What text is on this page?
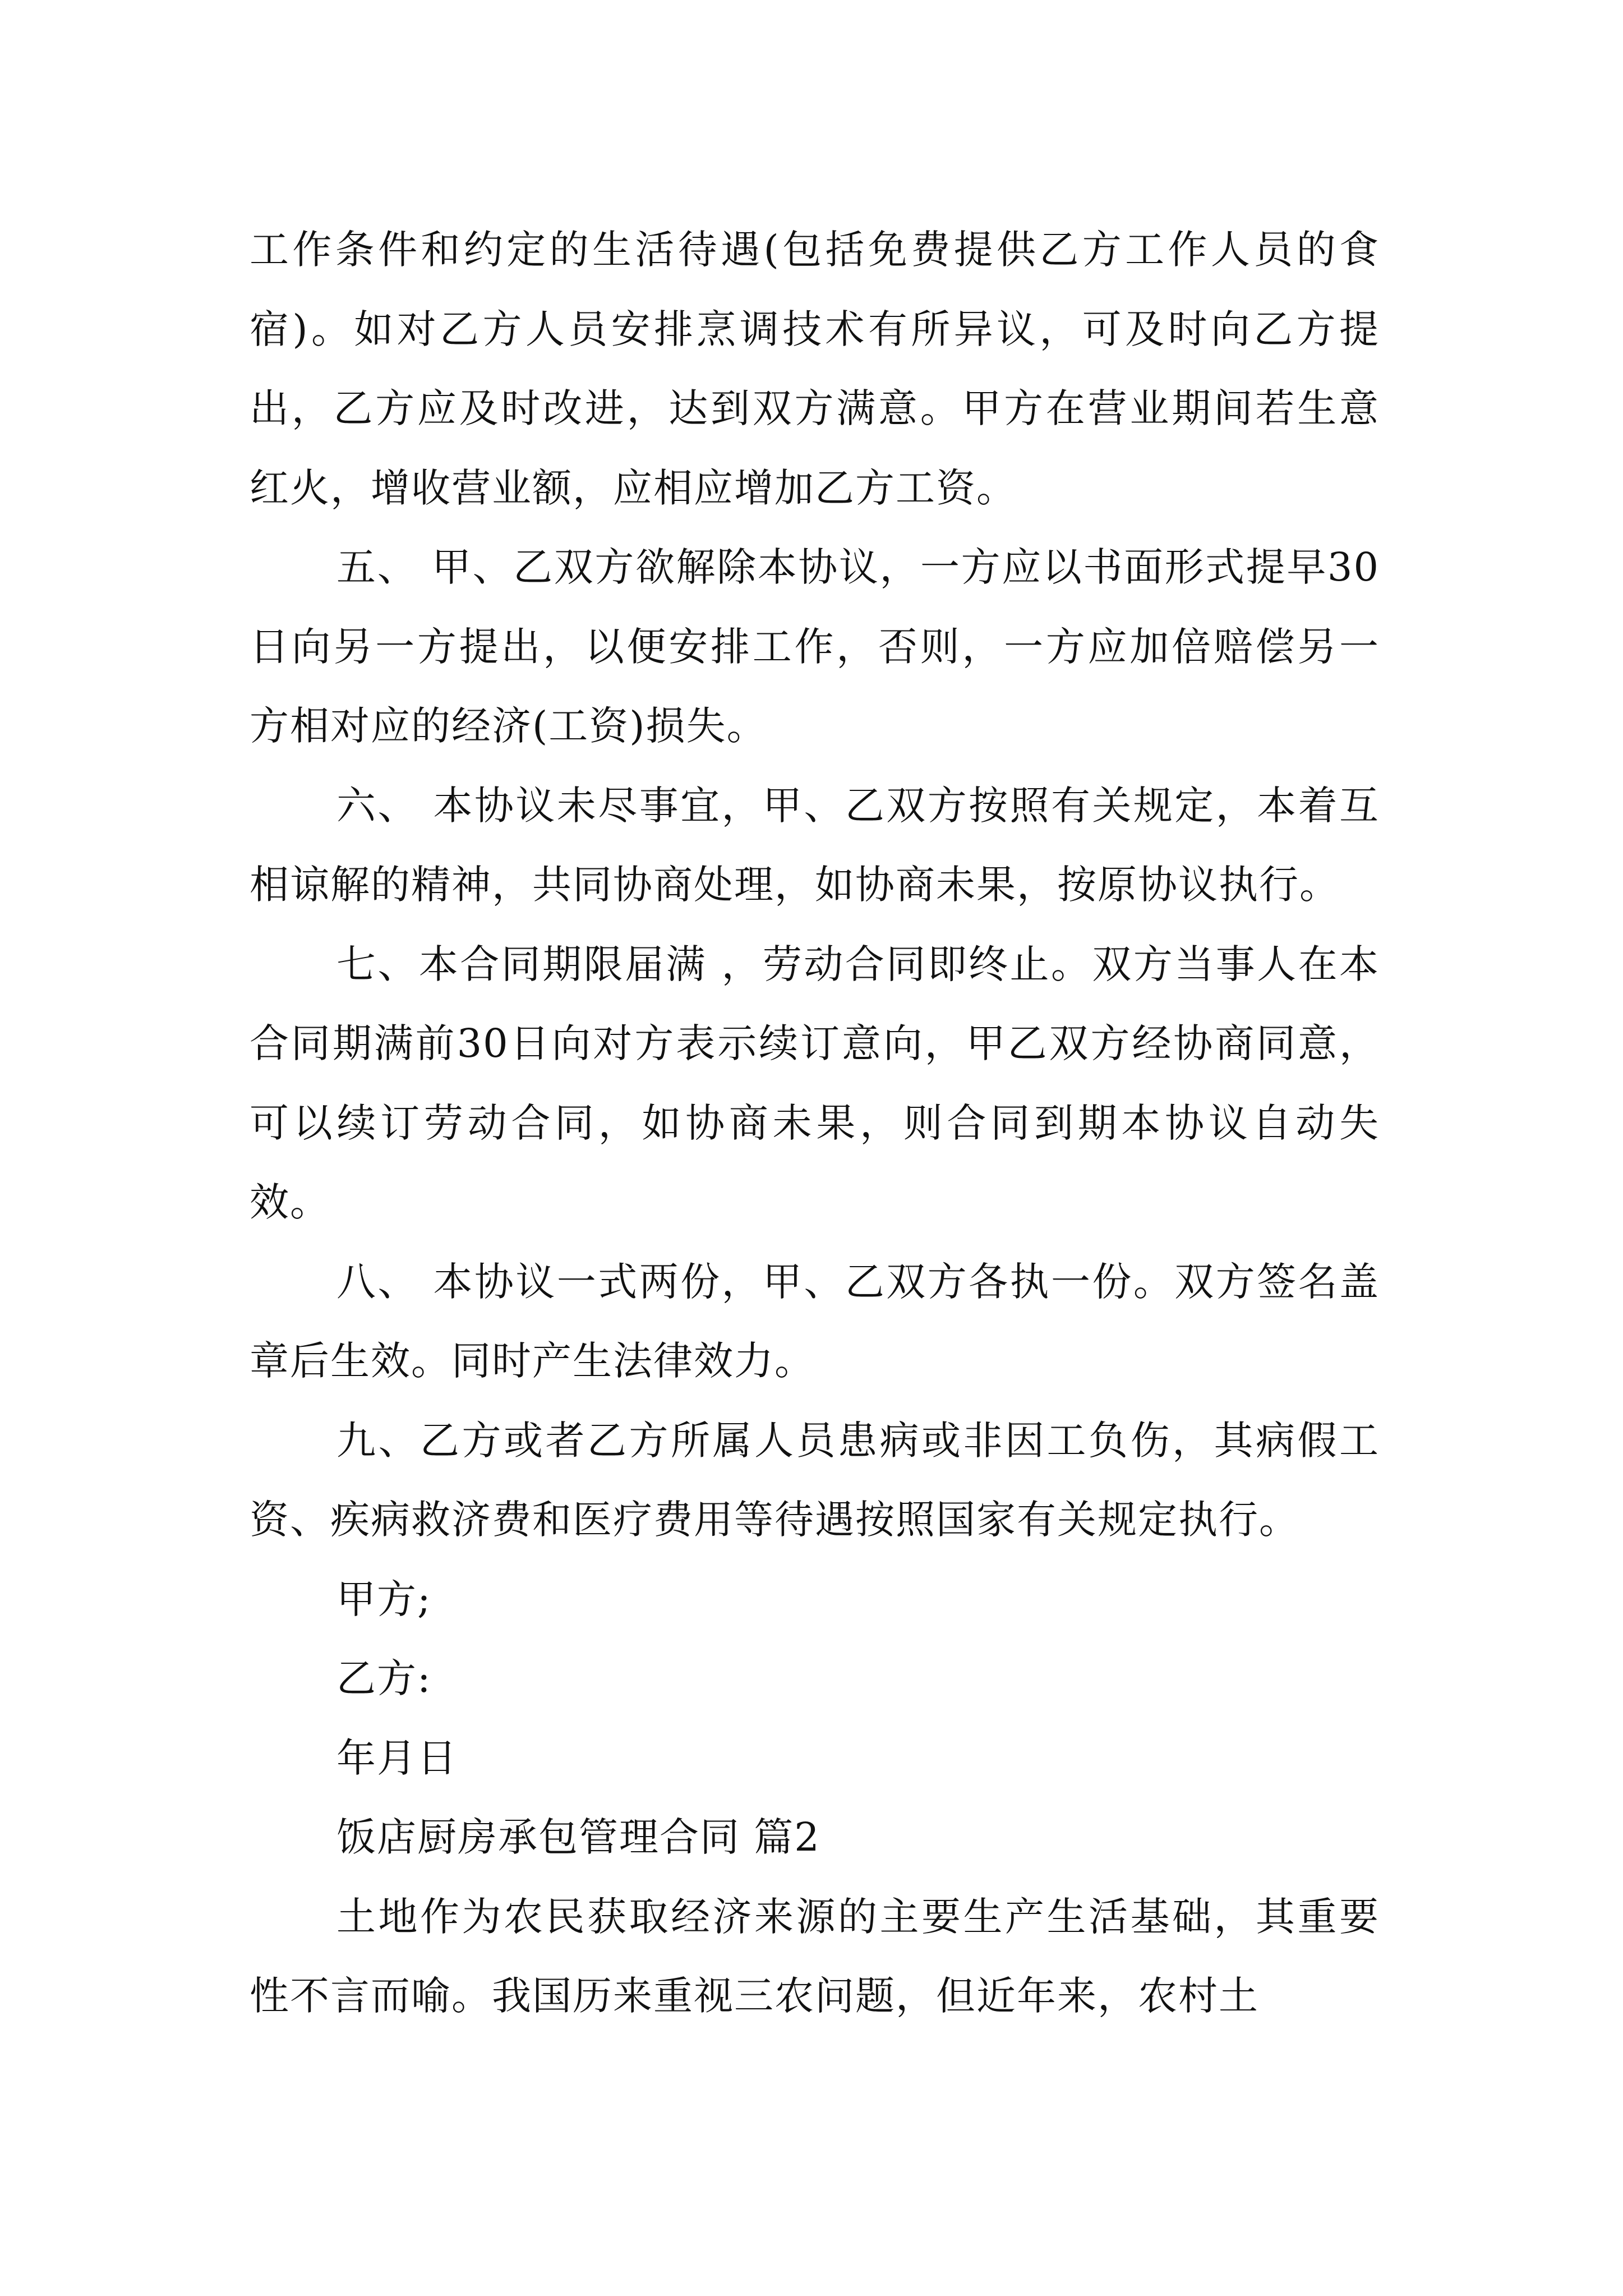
工作条件和约定的生活待遇(包括免费提供乙方工作人员的食宿)。如对乙方人员安排烹调技术有所异议，可及时向乙方提出，乙方应及时改进，达到双方满意。甲方在营业期间若生意红火，增收营业额，应相应增加乙方工资。

五、 甲、乙双方欲解除本协议，一方应以书面形式提早30日向另一方提出，以便安排工作，否则，一方应加倍赔偿另一方相对应的经济(工资)损失。

六、 本协议未尽事宜，甲、乙双方按照有关规定，本着互相谅解的精神，共同协商处理，如协商未果，按原协议执行。

七、本合同期限届满 ，劳动合同即终止。双方当事人在本合同期满前30日向对方表示续订意向，甲乙双方经协商同意，可以续订劳动合同，如协商未果，则合同到期本协议自动失效。

八、 本协议一式两份，甲、乙双方各执一份。双方签名盖章后生效。同时产生法律效力。

九、乙方或者乙方所属人员患病或非因工负伤，其病假工资、疾病救济费和医疗费用等待遇按照国家有关规定执行。

甲方;

乙方:

年月日

饭店厨房承包管理合同 篇2

土地作为农民获取经济来源的主要生产生活基础，其重要性不言而喻。我国历来重视三农问题，但近年来，农村土
